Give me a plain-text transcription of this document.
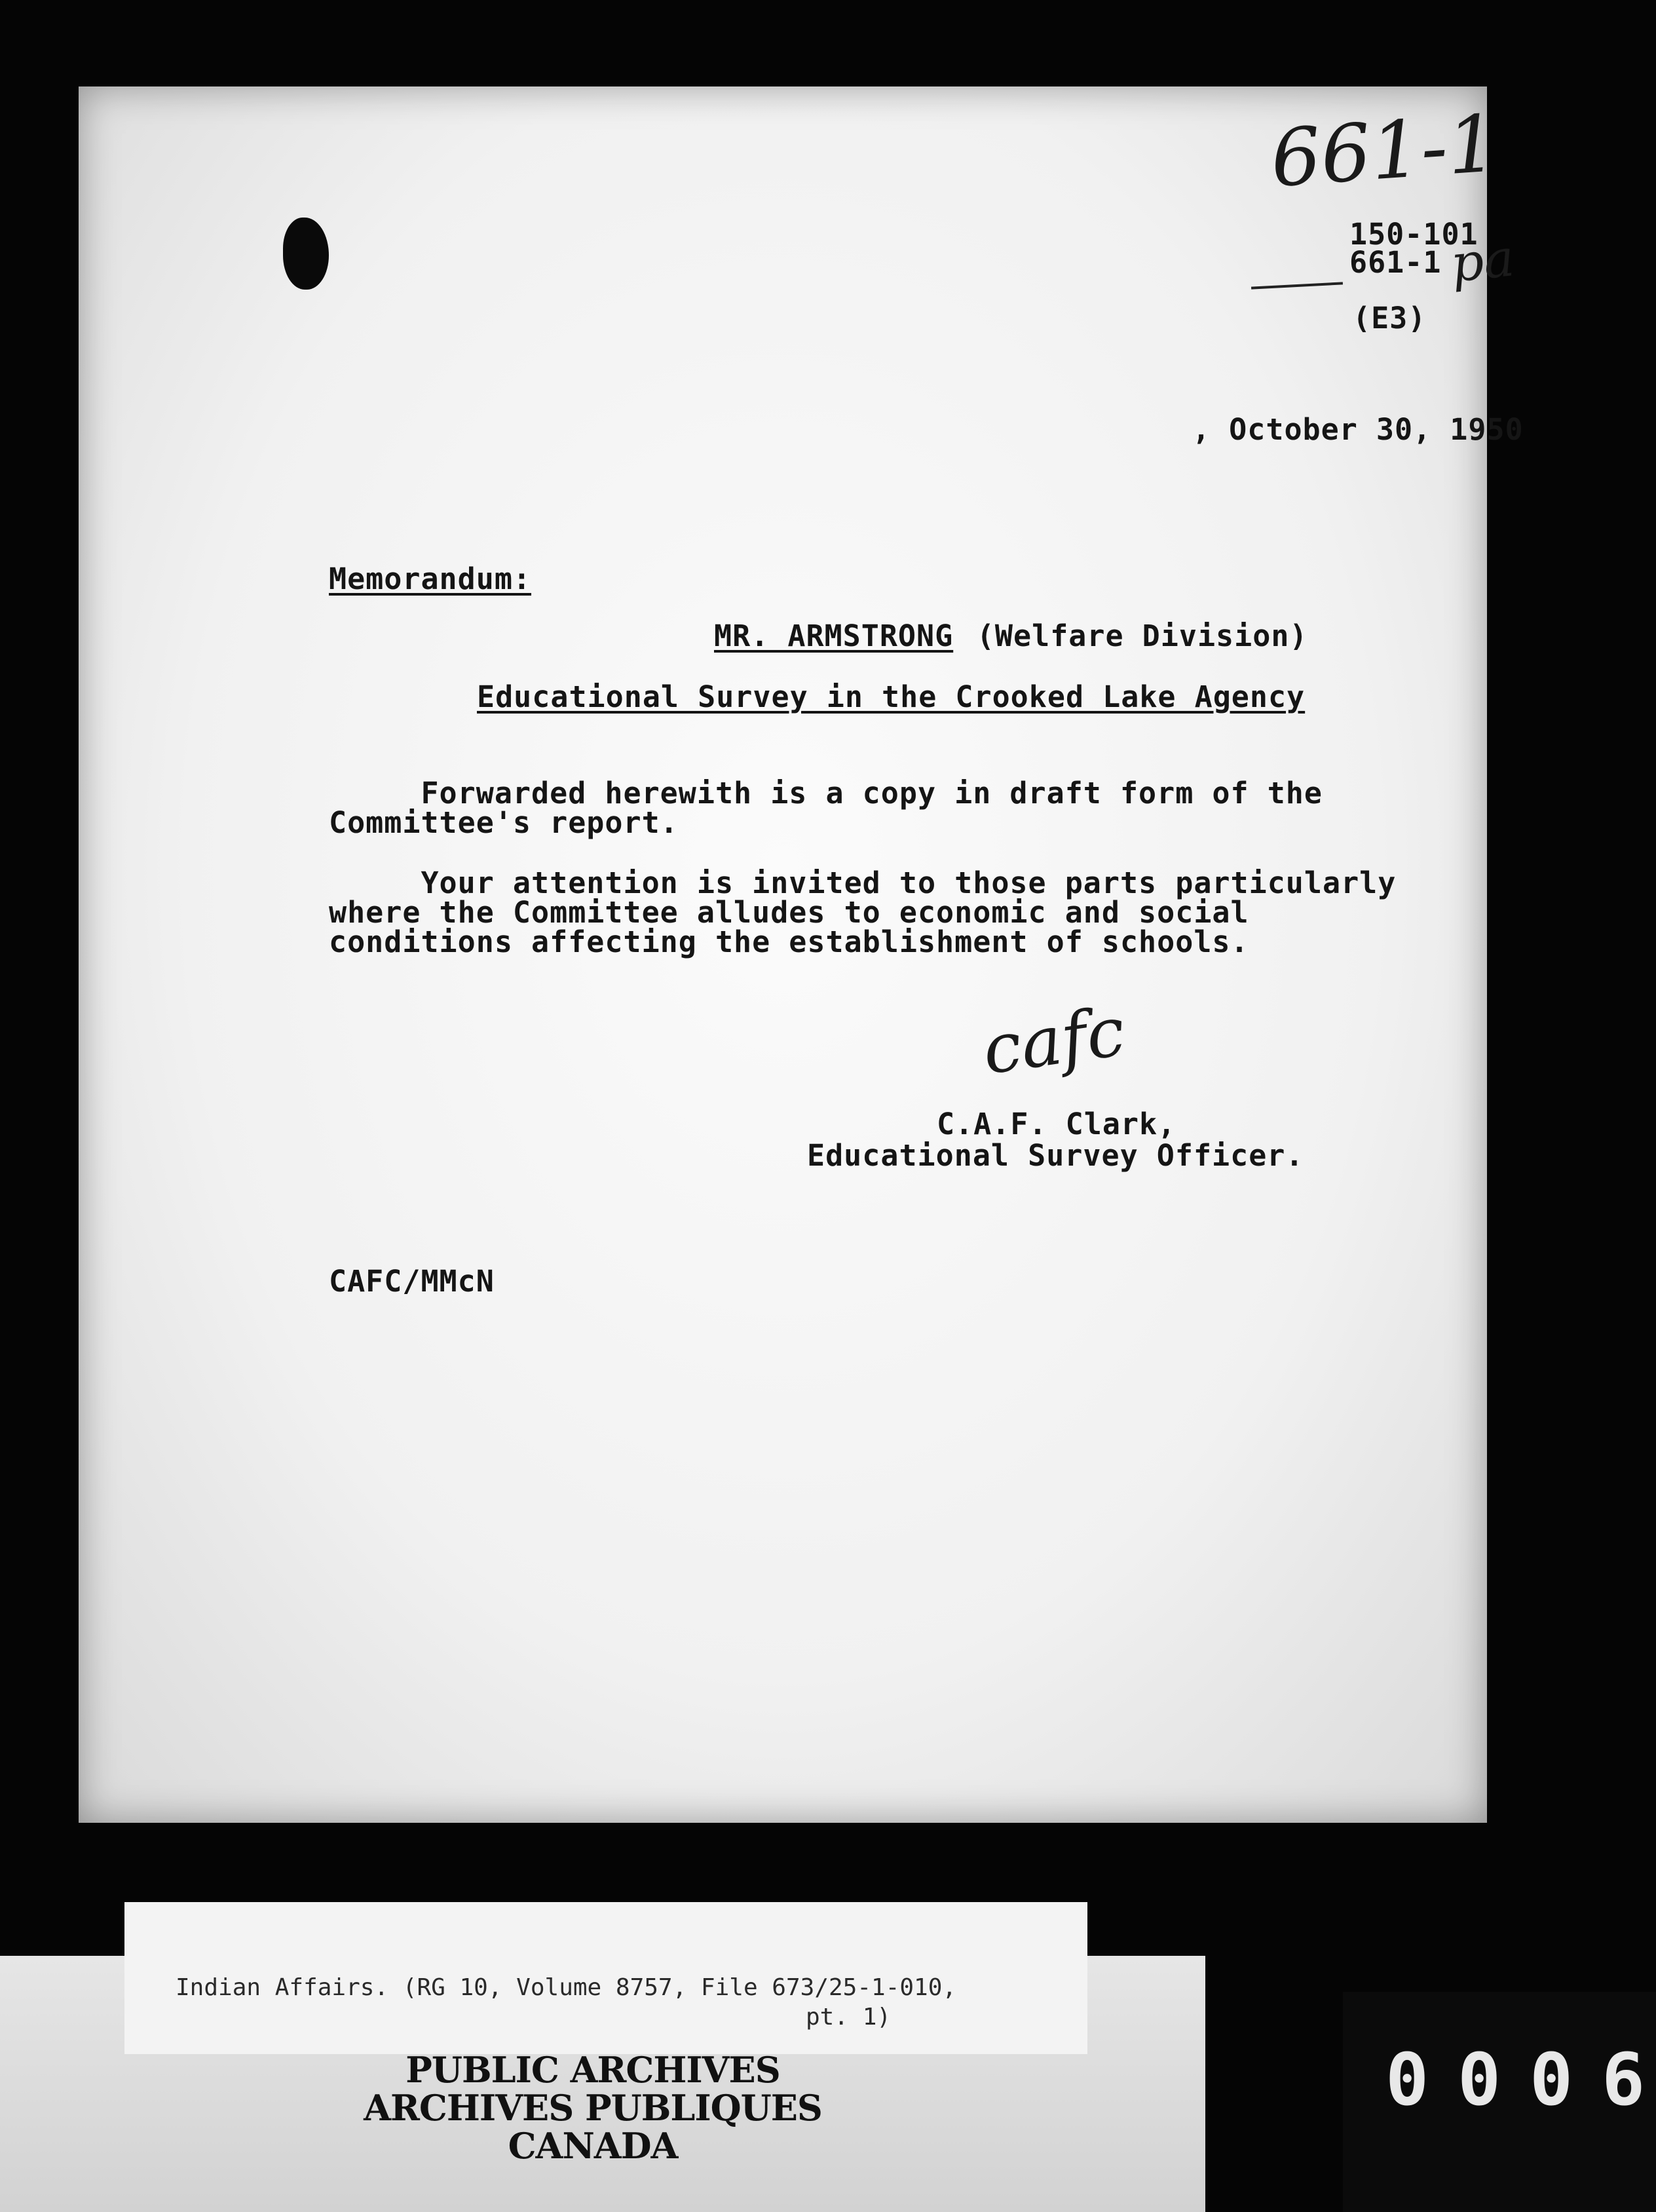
661-1
150-101
661-1 pa
(E3)
, October 30, 1950
Memorandum:
MR. ARMSTRONG (Welfare Division)
Educational Survey in the Crooked Lake Agency
Forwarded herewith is a copy in draft form of the
Committee's report.
Your attention is invited to those parts particularly
where the Committee alludes to economic and social
conditions affecting the establishment of schools.
cafc
C.A.F. Clark,
Educational Survey Officer.
CAFC/MMcN
Indian Affairs. (RG 10, Volume 8757, File 673/25-1-010,
pt. 1)
PUBLIC ARCHIVES
ARCHIVES PUBLIQUES
CANADA
0 0 0 6
